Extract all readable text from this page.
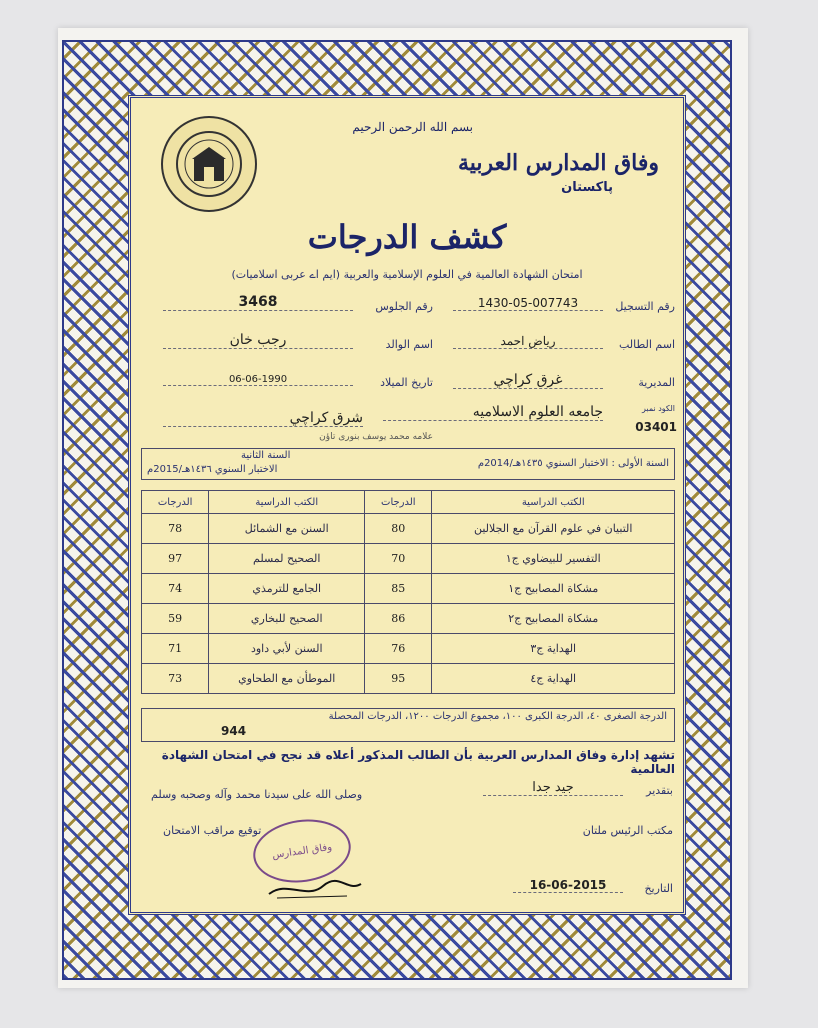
بسم الله الرحمن الرحيم
وفاق المدارس العربية
پاکستان
كشف الدرجات
امتحان الشهادة العالمية في العلوم الإسلامية والعربية (ایم اے عربی اسلامیات)
رقم التسجيل
1430-05-007743
رقم الجلوس
3468
اسم الطالب
رياض احمد
اسم الوالد
رجب خان
المديرية
غرق كراچي
تاريخ الميلاد
06-06-1990
الكود نمبر
03401
جامعه العلوم الاسلاميه
شرق كراچي
علامه محمد يوسف بنورى تاؤن
السنة الأولى : الاختبار السنوي ١٤٣٥هـ/2014م
السنة الثانية
الاختبار السنوي ١٤٣٦هـ/2015م
الكتب الدراسية	الدرجات	الكتب الدراسية	الدرجات
التبيان في علوم القرآن مع الجلالين	80	السنن مع الشمائل	78
التفسير للبيضاوي ج١	70	الصحيح لمسلم	97
مشكاة المصابيح ج١	85	الجامع للترمذي	74
مشكاة المصابيح ج٢	86	الصحيح للبخاري	59
الهداية ج٣	76	السنن لأبي داود	71
الهداية ج٤	95	الموطأن مع الطحاوي	73
الدرجة الصغرى ٤٠، الدرجة الكبرى ١٠٠، مجموع الدرجات ١٢٠٠، الدرجات المحصلة
944
تشهد إدارة وفاق المدارس العربية بأن الطالب المذكور أعلاه قد نجح في امتحان الشهادة العالمية
بتقدير
جيد جدا
وصلى الله على سيدنا محمد وآله وصحبه وسلم
مكتب الرئيس ملتان
توقيع مراقب الامتحان
وفاق المدارس
التاريخ
16-06-2015
